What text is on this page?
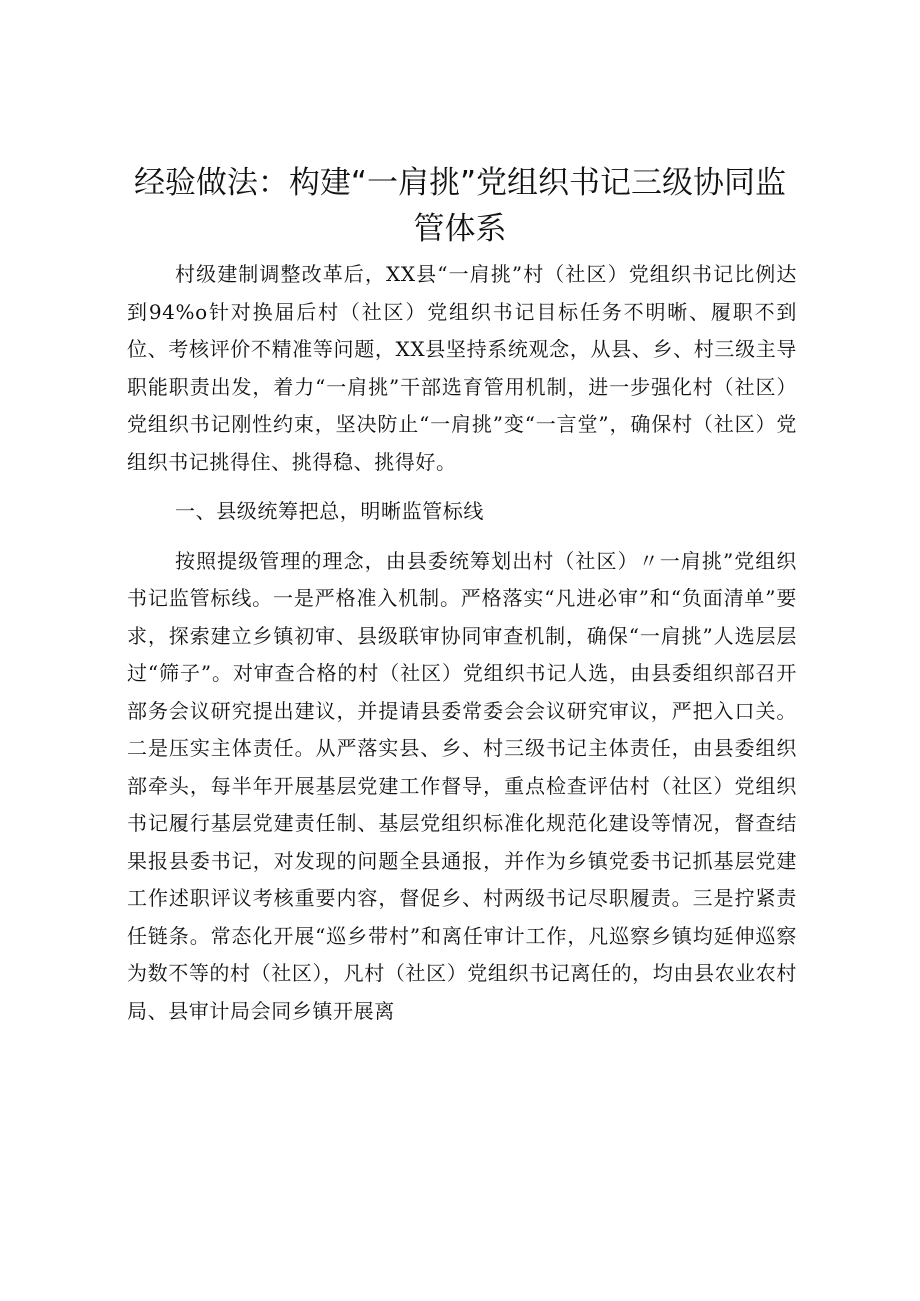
经验做法：构建“一肩挑”党组织书记三级协同监管体系

村级建制调整改革后，XX县“一肩挑”村（社区）党组织书记比例达到94%o针对换届后村（社区）党组织书记目标任务不明晰、履职不到位、考核评价不精准等问题，XX县坚持系统观念，从县、乡、村三级主导职能职责出发，着力“一肩挑”干部选育管用机制，进一步强化村（社区）党组织书记刚性约束，坚决防止“一肩挑”变“一言堂”，确保村（社区）党组织书记挑得住、挑得稳、挑得好。

一、县级统筹把总，明晰监管标线

按照提级管理的理念，由县委统筹划出村（社区）〃一肩挑”党组织书记监管标线。一是严格准入机制。严格落实“凡进必审”和“负面清单”要求，探索建立乡镇初审、县级联审协同审查机制，确保“一肩挑”人选层层过“筛子”。对审查合格的村（社区）党组织书记人选，由县委组织部召开部务会议研究提出建议，并提请县委常委会会议研究审议，严把入口关。二是压实主体责任。从严落实县、乡、村三级书记主体责任，由县委组织部牵头，每半年开展基层党建工作督导，重点检查评估村（社区）党组织书记履行基层党建责任制、基层党组织标准化规范化建设等情况，督查结果报县委书记，对发现的问题全县通报，并作为乡镇党委书记抓基层党建工作述职评议考核重要内容，督促乡、村两级书记尽职履责。三是拧紧责任链条。常态化开展“巡乡带村”和离任审计工作，凡巡察乡镇均延伸巡察为数不等的村（社区），凡村（社区）党组织书记离任的，均由县农业农村局、县审计局会同乡镇开展离
